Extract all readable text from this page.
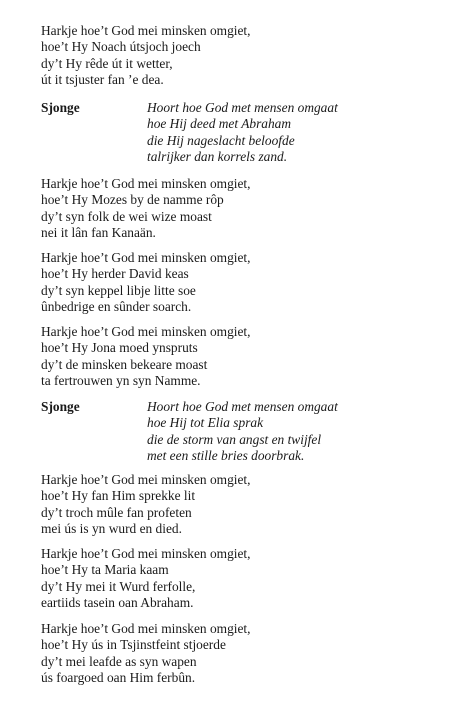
Harkje hoe’t God mei minsken omgiet,
hoe’t Hy Noach útsjoch joech
dy’t Hy rêde út it wetter,
út it tsjuster fan ’e dea.
Sjonge	Hoort hoe God met mensen omgaat
hoe Hij deed met Abraham
die Hij nageslacht beloofde
talrijker dan korrels zand.
Harkje hoe’t God mei minsken omgiet,
hoe’t Hy Mozes by de namme rôp
dy’t syn folk de wei wize moast
nei it lân fan Kanaän.
Harkje hoe’t God mei minsken omgiet,
hoe’t Hy herder David keas
dy’t syn keppel libje litte soe
ûnbedrige en sûnder soarch.
Harkje hoe’t God mei minsken omgiet,
hoe’t Hy Jona moed ynspruts
dy’t de minsken bekeare moast
ta fertrouwen yn syn Namme.
Sjonge	Hoort hoe God met mensen omgaat
hoe Hij tot Elia sprak
die de storm van angst en twijfel
met een stille bries doorbrak.
Harkje hoe’t God mei minsken omgiet,
hoe’t Hy fan Him sprekke lit
dy’t troch mûle fan profeten
mei ús is yn wurd en died.
Harkje hoe’t God mei minsken omgiet,
hoe’t Hy ta Maria kaam
dy’t Hy mei it Wurd ferfolle,
eartiids tasein oan Abraham.
Harkje hoe’t God mei minsken omgiet,
hoe’t Hy ús in Tsjinstfeint stjoerde
dy’t mei leafde as syn wapen
ús foargoed oan Him ferbûn.
